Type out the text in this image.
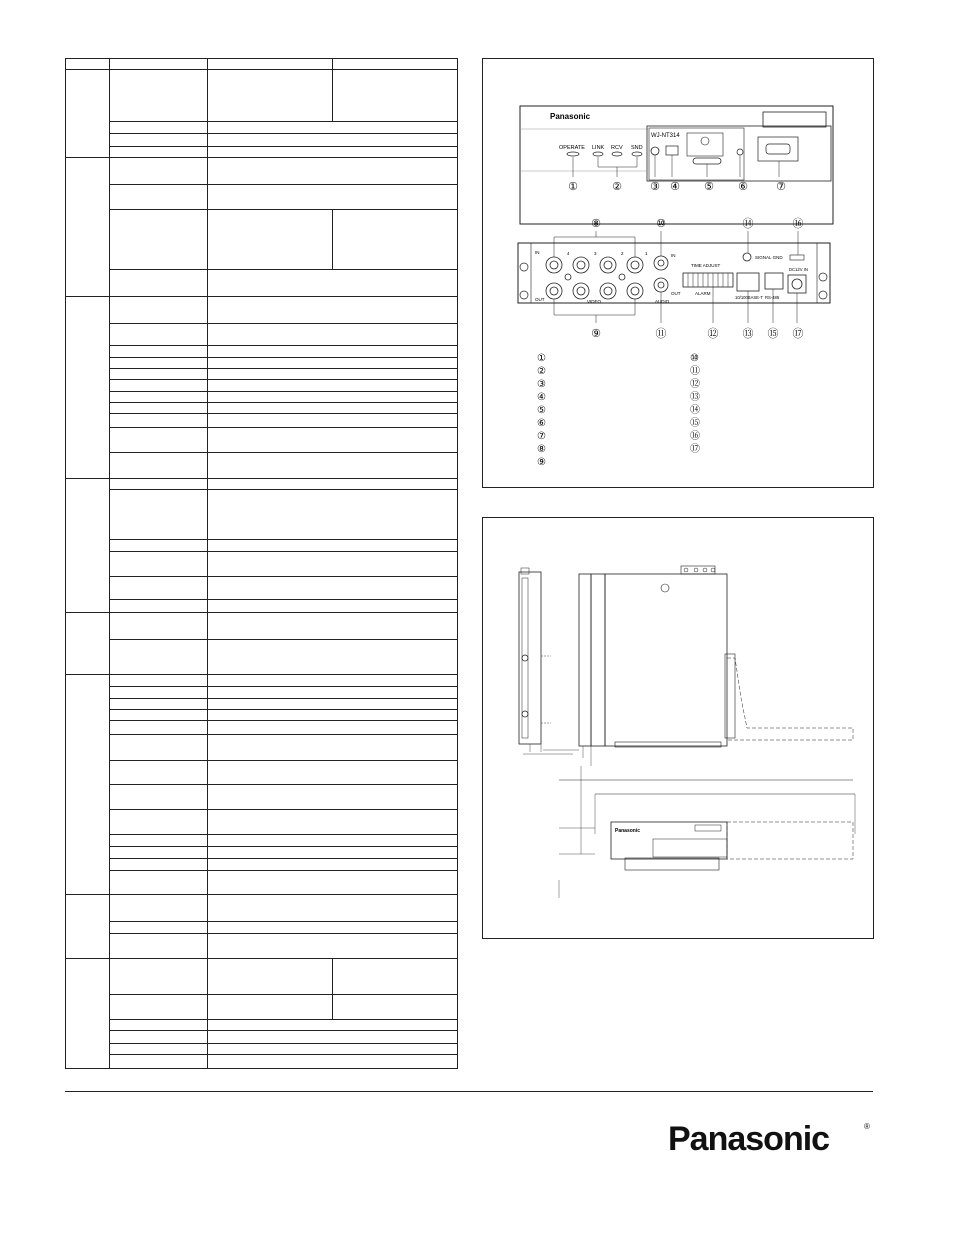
Panasonic
WJ-NT314
OPERATE LINK RCV SND
①	②	③ ④ ⑤ ⑥	⑦
⑧	⑩	⑭	⑯
IN
OUT
4	3	2	1
VIDEO
IN
OUT
AUDIO
TIME ADJUST
ALARM
SIGNAL GND
10/100BASE-T RS-485
DC12V IN
⑨	⑪	⑫ ⑬ ⑮ ⑰
①
②
③
④
⑤
⑥
⑦
⑧
⑨
⑩
⑪
⑫
⑬
⑭
⑮
⑯
⑰
Panasonic
Panasonic	®
